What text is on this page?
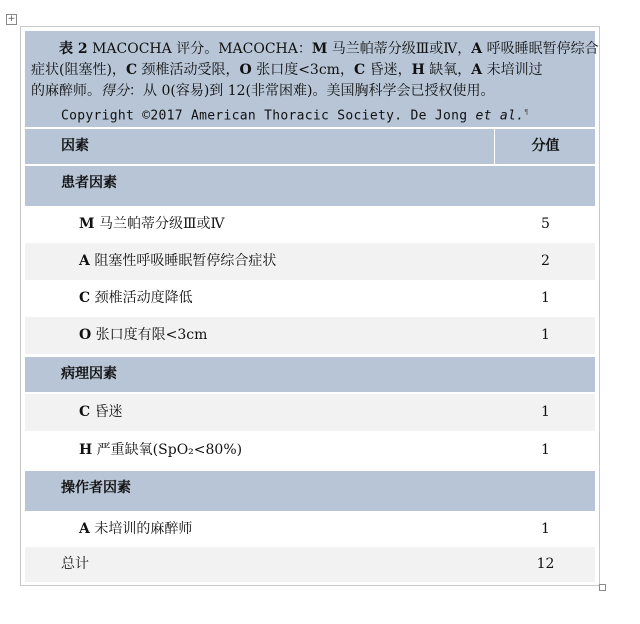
+
表 2 MACOCHA 评分。MACOCHA：M 马兰帕蒂分级Ⅲ或Ⅳ，A 呼吸睡眠暂停综合
症状(阻塞性)，C 颈椎活动受限，O 张口度<3cm，C 昏迷，H 缺氧，A 未培训过
的麻醉师。得分：从 0(容易)到 12(非常困难)。美国胸科学会已授权使用。
Copyright ©2017 American Thoracic Society. De Jong et al.¶
因素	分值
患者因素
M 马兰帕蒂分级Ⅲ或Ⅳ	5
A 阻塞性呼吸睡眠暂停综合症状	2
C 颈椎活动度降低	1
O 张口度有限<3cm	1
病理因素
C 昏迷	1
H 严重缺氧(SpO₂<80%)	1
操作者因素
A 未培训的麻醉师	1
总计	12
